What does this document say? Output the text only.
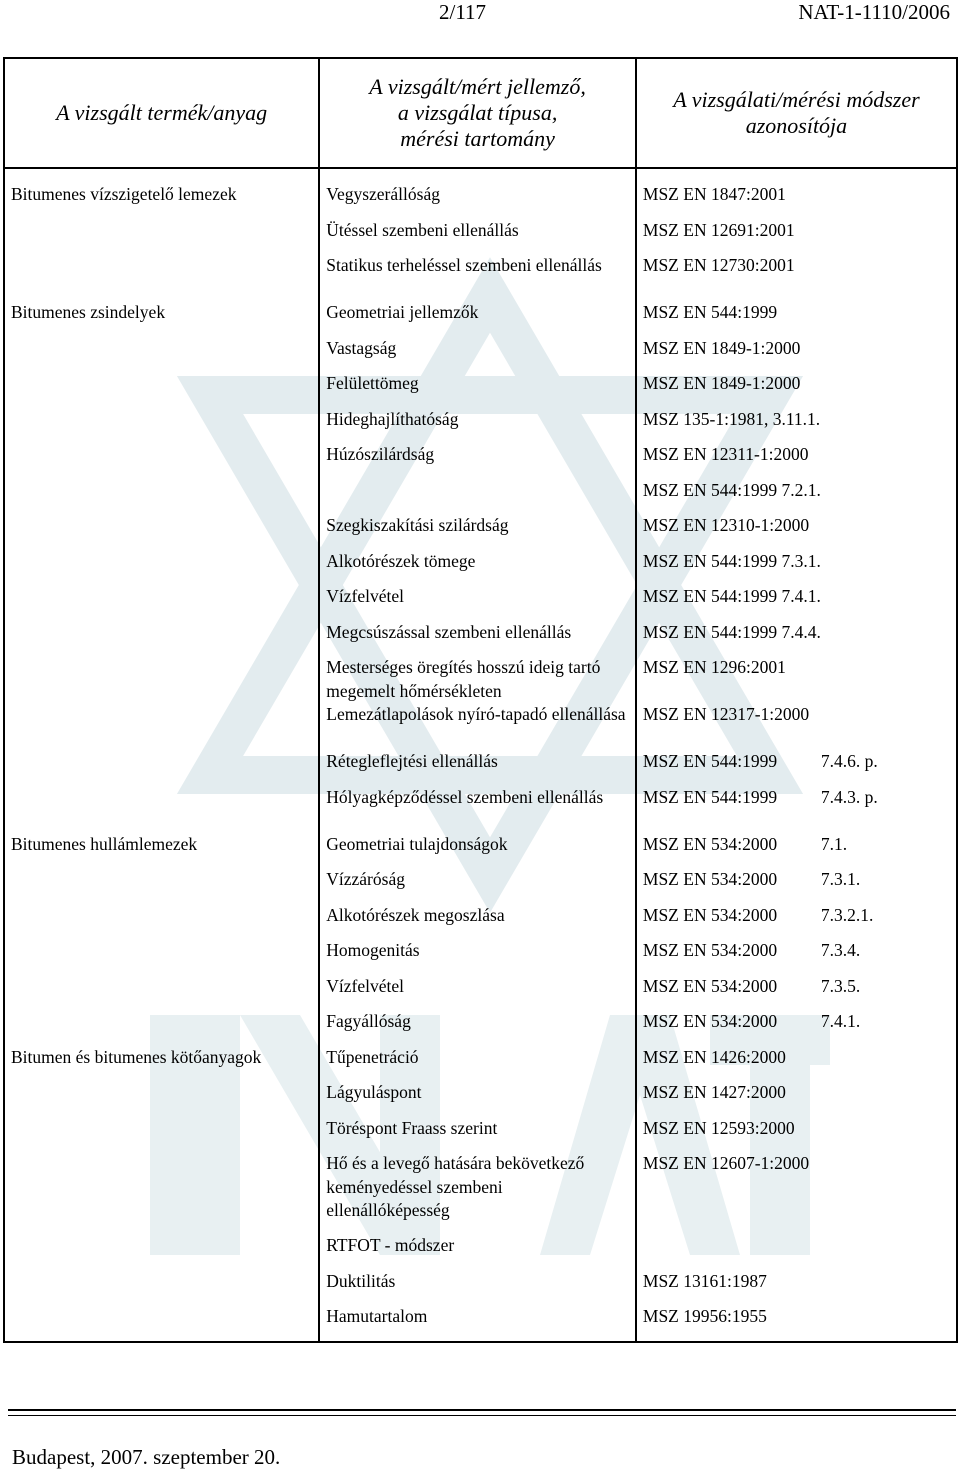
2/117	NAT-1-1110/2006
A vizsgált termék/anyag	A vizsgált/mért jellemző,
a vizsgálat típusa,
mérési tartomány	A vizsgálati/mérési módszer
azonosítója
Bitumenes vízszigetelő lemezek	Vegyszerállóság	MSZ EN 1847:2001
	Ütéssel szembeni ellenállás	MSZ EN 12691:2001
	Statikus terheléssel szembeni ellenállás	MSZ EN 12730:2001
Bitumenes zsindelyek	Geometriai jellemzők	MSZ EN 544:1999
	Vastagság	MSZ EN 1849-1:2000
	Felülettömeg	MSZ EN 1849-1:2000
	Hideghajlíthatóság	MSZ 135-1:1981, 3.11.1.
	Húzószilárdság	MSZ EN 12311-1:2000
		MSZ EN 544:1999 7.2.1.
	Szegkiszakítási szilárdság	MSZ EN 12310-1:2000
	Alkotórészek tömege	MSZ EN 544:1999 7.3.1.
	Vízfelvétel	MSZ EN 544:1999 7.4.1.
	Megcsúszással szembeni ellenállás	MSZ EN 544:1999 7.4.4.
	Mesterséges öregítés hosszú ideig tartó megemelt hőmérsékleten	MSZ EN 1296:2001
	Lemezátlapolások nyíró-tapadó ellenállása	MSZ EN 12317-1:2000
	Rétegleflejtési ellenállás	MSZ EN 544:1999 7.4.6. p.
	Hólyagképződéssel szembeni ellenállás	MSZ EN 544:1999 7.4.3. p.
Bitumenes hullámlemezek	Geometriai tulajdonságok	MSZ EN 534:2000 7.1.
	Vízzáróság	MSZ EN 534:2000 7.3.1.
	Alkotórészek megoszlása	MSZ EN 534:2000 7.3.2.1.
	Homogenitás	MSZ EN 534:2000 7.3.4.
	Vízfelvétel	MSZ EN 534:2000 7.3.5.
	Fagyállóság	MSZ EN 534:2000 7.4.1.
Bitumen és bitumenes kötőanyagok	Tűpenetráció	MSZ EN 1426:2000
	Lágyuláspont	MSZ EN 1427:2000
	Töréspont Fraass szerint	MSZ EN 12593:2000
	Hő és a levegő hatására bekövetkező keményedéssel szembeni ellenállóképesség	MSZ EN 12607-1:2000
	RTFOT - módszer	
	Duktilitás	MSZ 13161:1987
	Hamutartalom	MSZ 19956:1955
Budapest, 2007. szeptember 20.
